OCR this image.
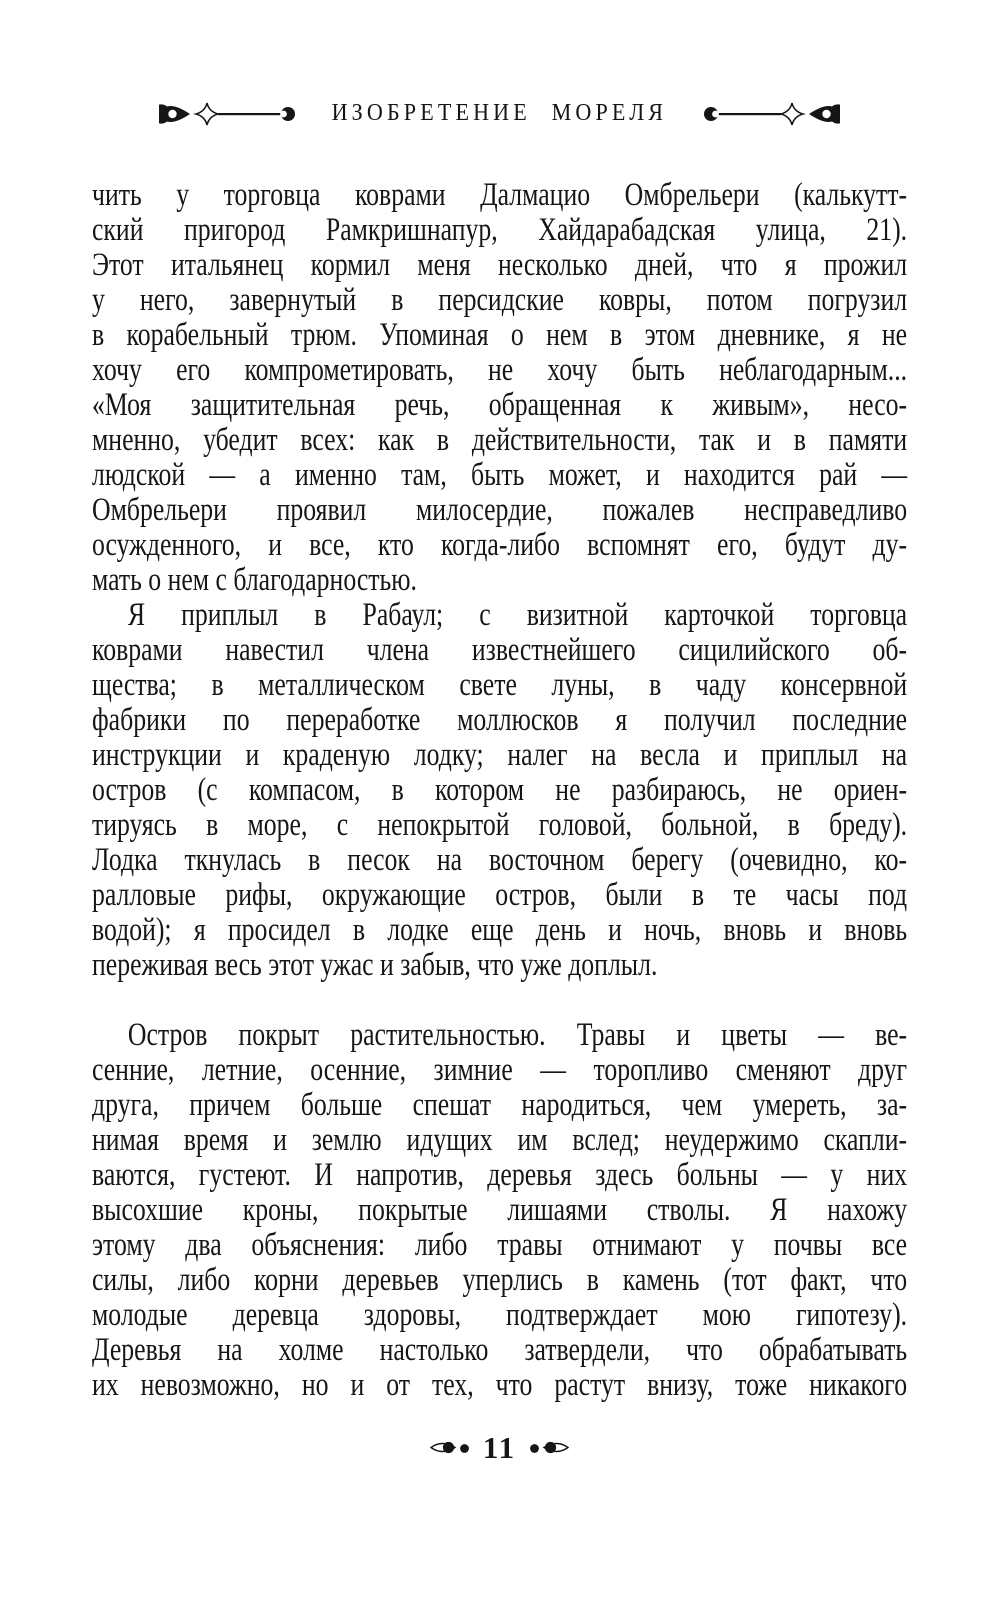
ИЗОБРЕТЕНИЕ МОРЕЛЯ
чить у торговца коврами Далмацио Омбрельери (калькутт-
ский пригород Рамкришнапур, Хайдарабадская улица, 21).
Этот итальянец кормил меня несколько дней, что я прожил
у него, завернутый в персидские ковры, потом погрузил
в корабельный трюм. Упоминая о нем в этом дневнике, я не
хочу его компрометировать, не хочу быть неблагодарным...
«Моя защитительная речь, обращенная к живым», несо-
мненно, убедит всех: как в действительности, так и в памяти
людской — а именно там, быть может, и находится рай —
Омбрельери проявил милосердие, пожалев несправедливо
осужденного, и все, кто когда-либо вспомнят его, будут ду-
мать о нем с благодарностью.
Я приплыл в Рабаул; с визитной карточкой торговца
коврами навестил члена известнейшего сицилийского об-
щества; в металлическом свете луны, в чаду консервной
фабрики по переработке моллюсков я получил последние
инструкции и краденую лодку; налег на весла и приплыл на
остров (с компасом, в котором не разбираюсь, не ориен-
тируясь в море, с непокрытой головой, больной, в бреду).
Лодка ткнулась в песок на восточном берегу (очевидно, ко-
ралловые рифы, окружающие остров, были в те часы под
водой); я просидел в лодке еще день и ночь, вновь и вновь
переживая весь этот ужас и забыв, что уже доплыл.
Остров покрыт растительностью. Травы и цветы — ве-
сенние, летние, осенние, зимние — торопливо сменяют друг
друга, причем больше спешат народиться, чем умереть, за-
нимая время и землю идущих им вслед; неудержимо скапли-
ваются, густеют. И напротив, деревья здесь больны — у них
высохшие кроны, покрытые лишаями стволы. Я нахожу
этому два объяснения: либо травы отнимают у почвы все
силы, либо корни деревьев уперлись в камень (тот факт, что
молодые деревца здоровы, подтверждает мою гипотезу).
Деревья на холме настолько затвердели, что обрабатывать
их невозможно, но и от тех, что растут внизу, тоже никакого
11
